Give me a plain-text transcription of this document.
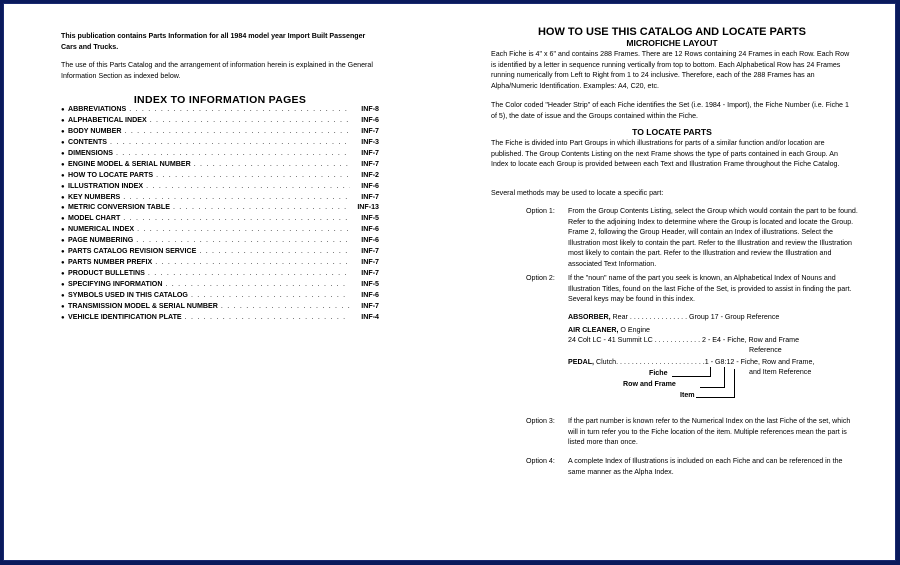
This publication contains Parts Information for all 1984 model year Import Built Passenger Cars and Trucks.

The use of this Parts Catalog and the arrangement of information herein is explained in the General Information Section as indexed below.

INDEX TO INFORMATION PAGES
● ABBREVIATIONS . . .	INF-8
● ALPHABETICAL INDEX . . .	INF-6
● BODY NUMBER . . .	INF-7
● CONTENTS . . .	INF-3
● DIMENSIONS . . .	INF-7
● ENGINE MODEL & SERIAL NUMBER . . .	INF-7
● HOW TO LOCATE PARTS . . .	INF-2
● ILLUSTRATION INDEX . . .	INF-6
● KEY NUMBERS . . .	INF-7
● METRIC CONVERSION TABLE . . .	INF-13
● MODEL CHART . . .	INF-5
● NUMERICAL INDEX . . .	INF-6
● PAGE NUMBERING . . .	INF-6
● PARTS CATALOG REVISION SERVICE . . .	INF-7
● PARTS NUMBER PREFIX . . .	INF-7
● PRODUCT BULLETINS . . .	INF-7
● SPECIFYING INFORMATION . . .	INF-5
● SYMBOLS USED IN THIS CATALOG . . .	INF-6
● TRANSMISSION MODEL & SERIAL NUMBER . . .	INF-7
● VEHICLE IDENTIFICATION PLATE . . .	INF-4
HOW TO USE THIS CATALOG AND LOCATE PARTS
MICROFICHE LAYOUT

Each Fiche is 4" x 6" and contains 288 Frames. There are 12 Rows containing 24 Frames in each Row. Each Row is identified by a letter in sequence running vertically from top to bottom. Each Alphabetical Row has 24 Frames running numerically from Left to Right from 1 to 24 inclusive. Therefore, each of the 288 Frames has an Alpha/Numeric Identification. Examples: A4, C20, etc.

The Color coded "Header Strip" of each Fiche identifies the Set (i.e. 1984 - Import), the Fiche Number (i.e. Fiche 1 of 5), the date of issue and the Groups contained within the Fiche.

TO LOCATE PARTS

The Fiche is divided into Part Groups in which illustrations for parts of a similar function and/or location are published. The Group Contents Listing on the next Frame shows the type of parts contained in each Group. An Index to locate each Group is provided between each Text and Illustration Frame throughout the Fiche Catalog.

Several methods may be used to locate a specific part:

Option 1:	From the Group Contents Listing, select the Group which would contain the part to be found. Refer to the adjoining Index to determine where the Group is located and locate the Group. Frame 2, following the Group Header, will contain an Index of illustrations. Select the Illustration most likely to contain the part. Refer to the Illustration and review the Illustration most likely to contain the part. Refer to the Illustration and review the Illustration and associated Text Information.
Option 2:	If the "noun" name of the part you seek is known, an Alphabetical Index of Nouns and Illustration Titles, found on the last Fiche of the Set, is provided to assist in finding the part. Several keys may be found in this index.
ABSORBER, Rear . . . . . . . . . . . . . . . Group 17 - Group Reference
AIR CLEANER, O Engine
24 Colt LC - 41 Summit LC . . . . . . . . . . . . 2 - E4 - Fiche, Row and Frame
Reference
PEDAL, Clutch. . . . . . . . . . . . . . . . . . . . . . .1 - G8:12 - Fiche, Row and Frame,
and Item Reference
Fiche
Row and Frame
Item
Option 3:	If the part number is known refer to the Numerical Index on the last Fiche of the set, which will in turn refer you to the Fiche location of the item. Multiple references mean the part is listed more than once.
Option 4:	A complete Index of Illustrations is included on each Fiche and can be referenced in the same manner as the Alpha Index.
